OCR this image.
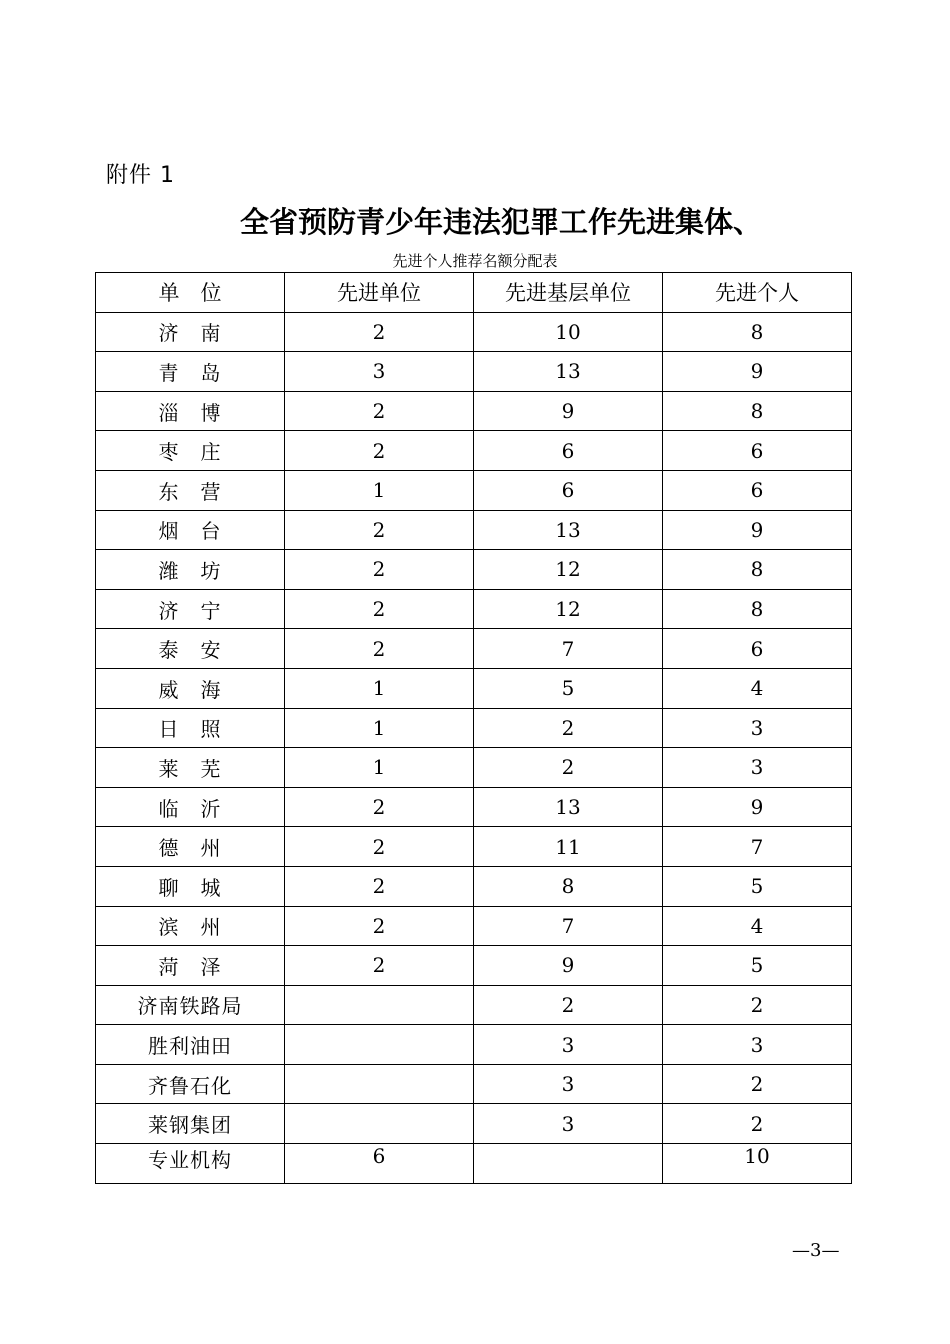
附件 1
全省预防青少年违法犯罪工作先进集体、
先进个人推荐名额分配表
单　位	先进单位	先进基层单位	先进个人
济　南	2	10	8
青　岛	3	13	9
淄　博	2	9	8
枣　庄	2	6	6
东　营	1	6	6
烟　台	2	13	9
潍　坊	2	12	8
济　宁	2	12	8
泰　安	2	7	6
威　海	1	5	4
日　照	1	2	3
莱　芜	1	2	3
临　沂	2	13	9
德　州	2	11	7
聊　城	2	8	5
滨　州	2	7	4
菏　泽	2	9	5
济南铁路局		2	2
胜利油田		3	3
齐鲁石化		3	2
莱钢集团		3	2
专业机构	6		10
—3—
